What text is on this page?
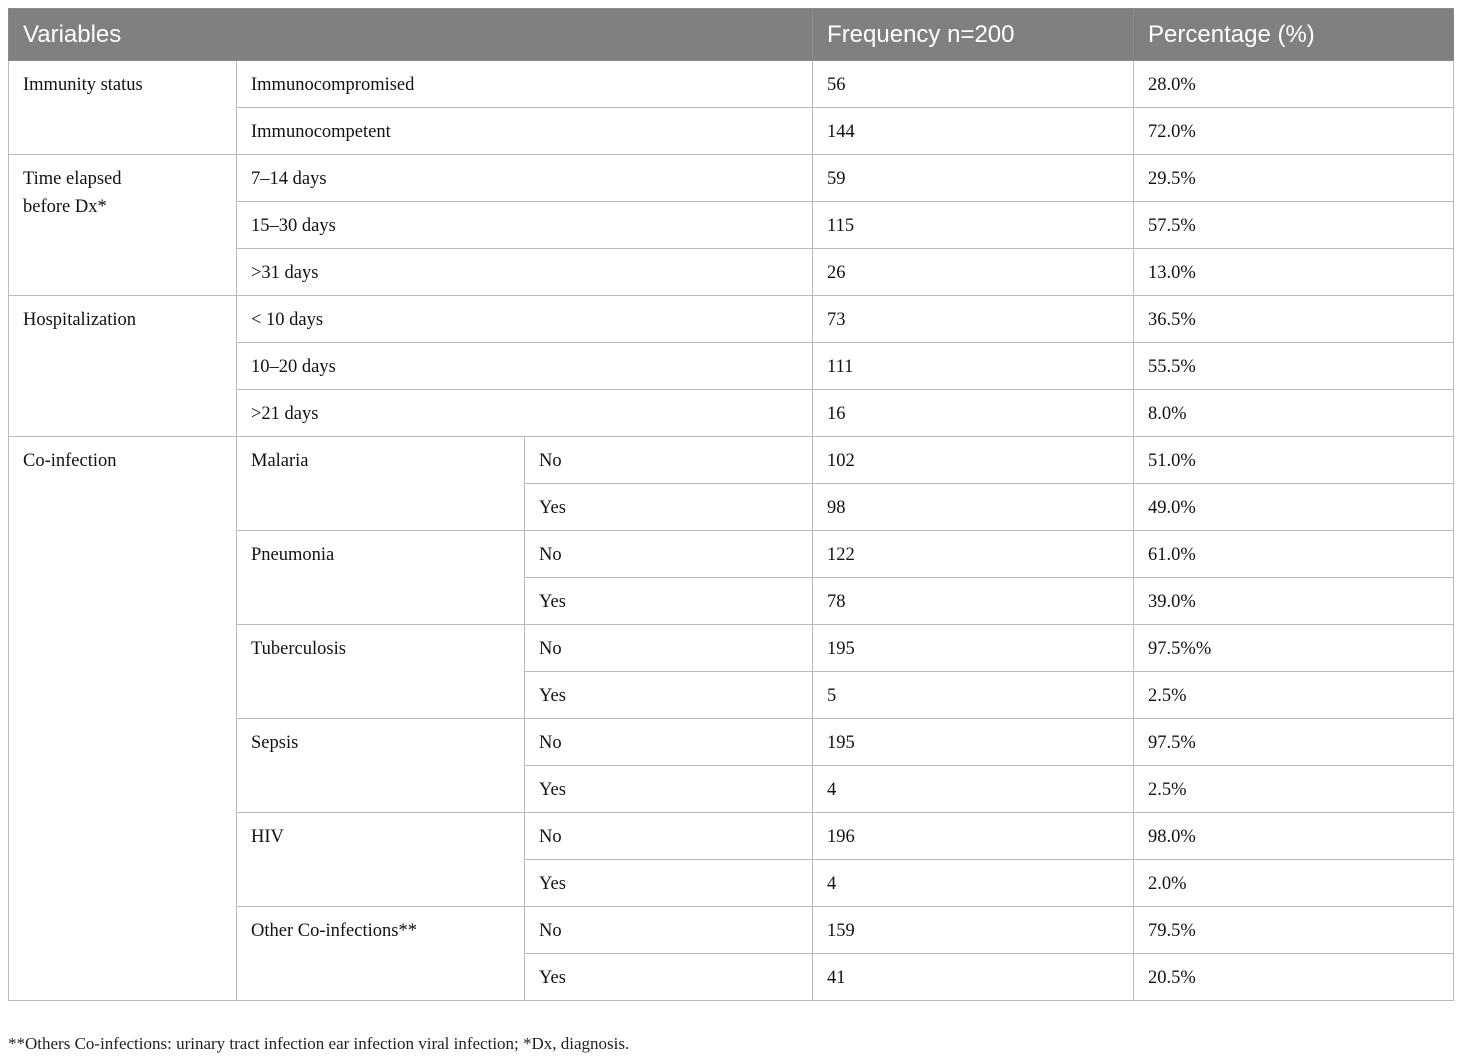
Variables			Frequency n=200	Percentage (%)
Immunity status	Immunocompromised		56	28.0%
	Immunocompetent		144	72.0%
Time elapsed
before Dx*	7–14 days		59	29.5%
	15–30 days		115	57.5%
	>31 days		26	13.0%
Hospitalization	< 10 days		73	36.5%
	10–20 days		111	55.5%
	>21 days		16	8.0%
Co-infection	Malaria	No	102	51.0%
		Yes	98	49.0%
	Pneumonia	No	122	61.0%
		Yes	78	39.0%
	Tuberculosis	No	195	97.5%%
		Yes	5	2.5%
	Sepsis	No	195	97.5%
		Yes	4	2.5%
	HIV	No	196	98.0%
		Yes	4	2.0%
	Other Co-infections**	No	159	79.5%
		Yes	41	20.5%
**Others Co-infections: urinary tract infection ear infection viral infection; *Dx, diagnosis.
